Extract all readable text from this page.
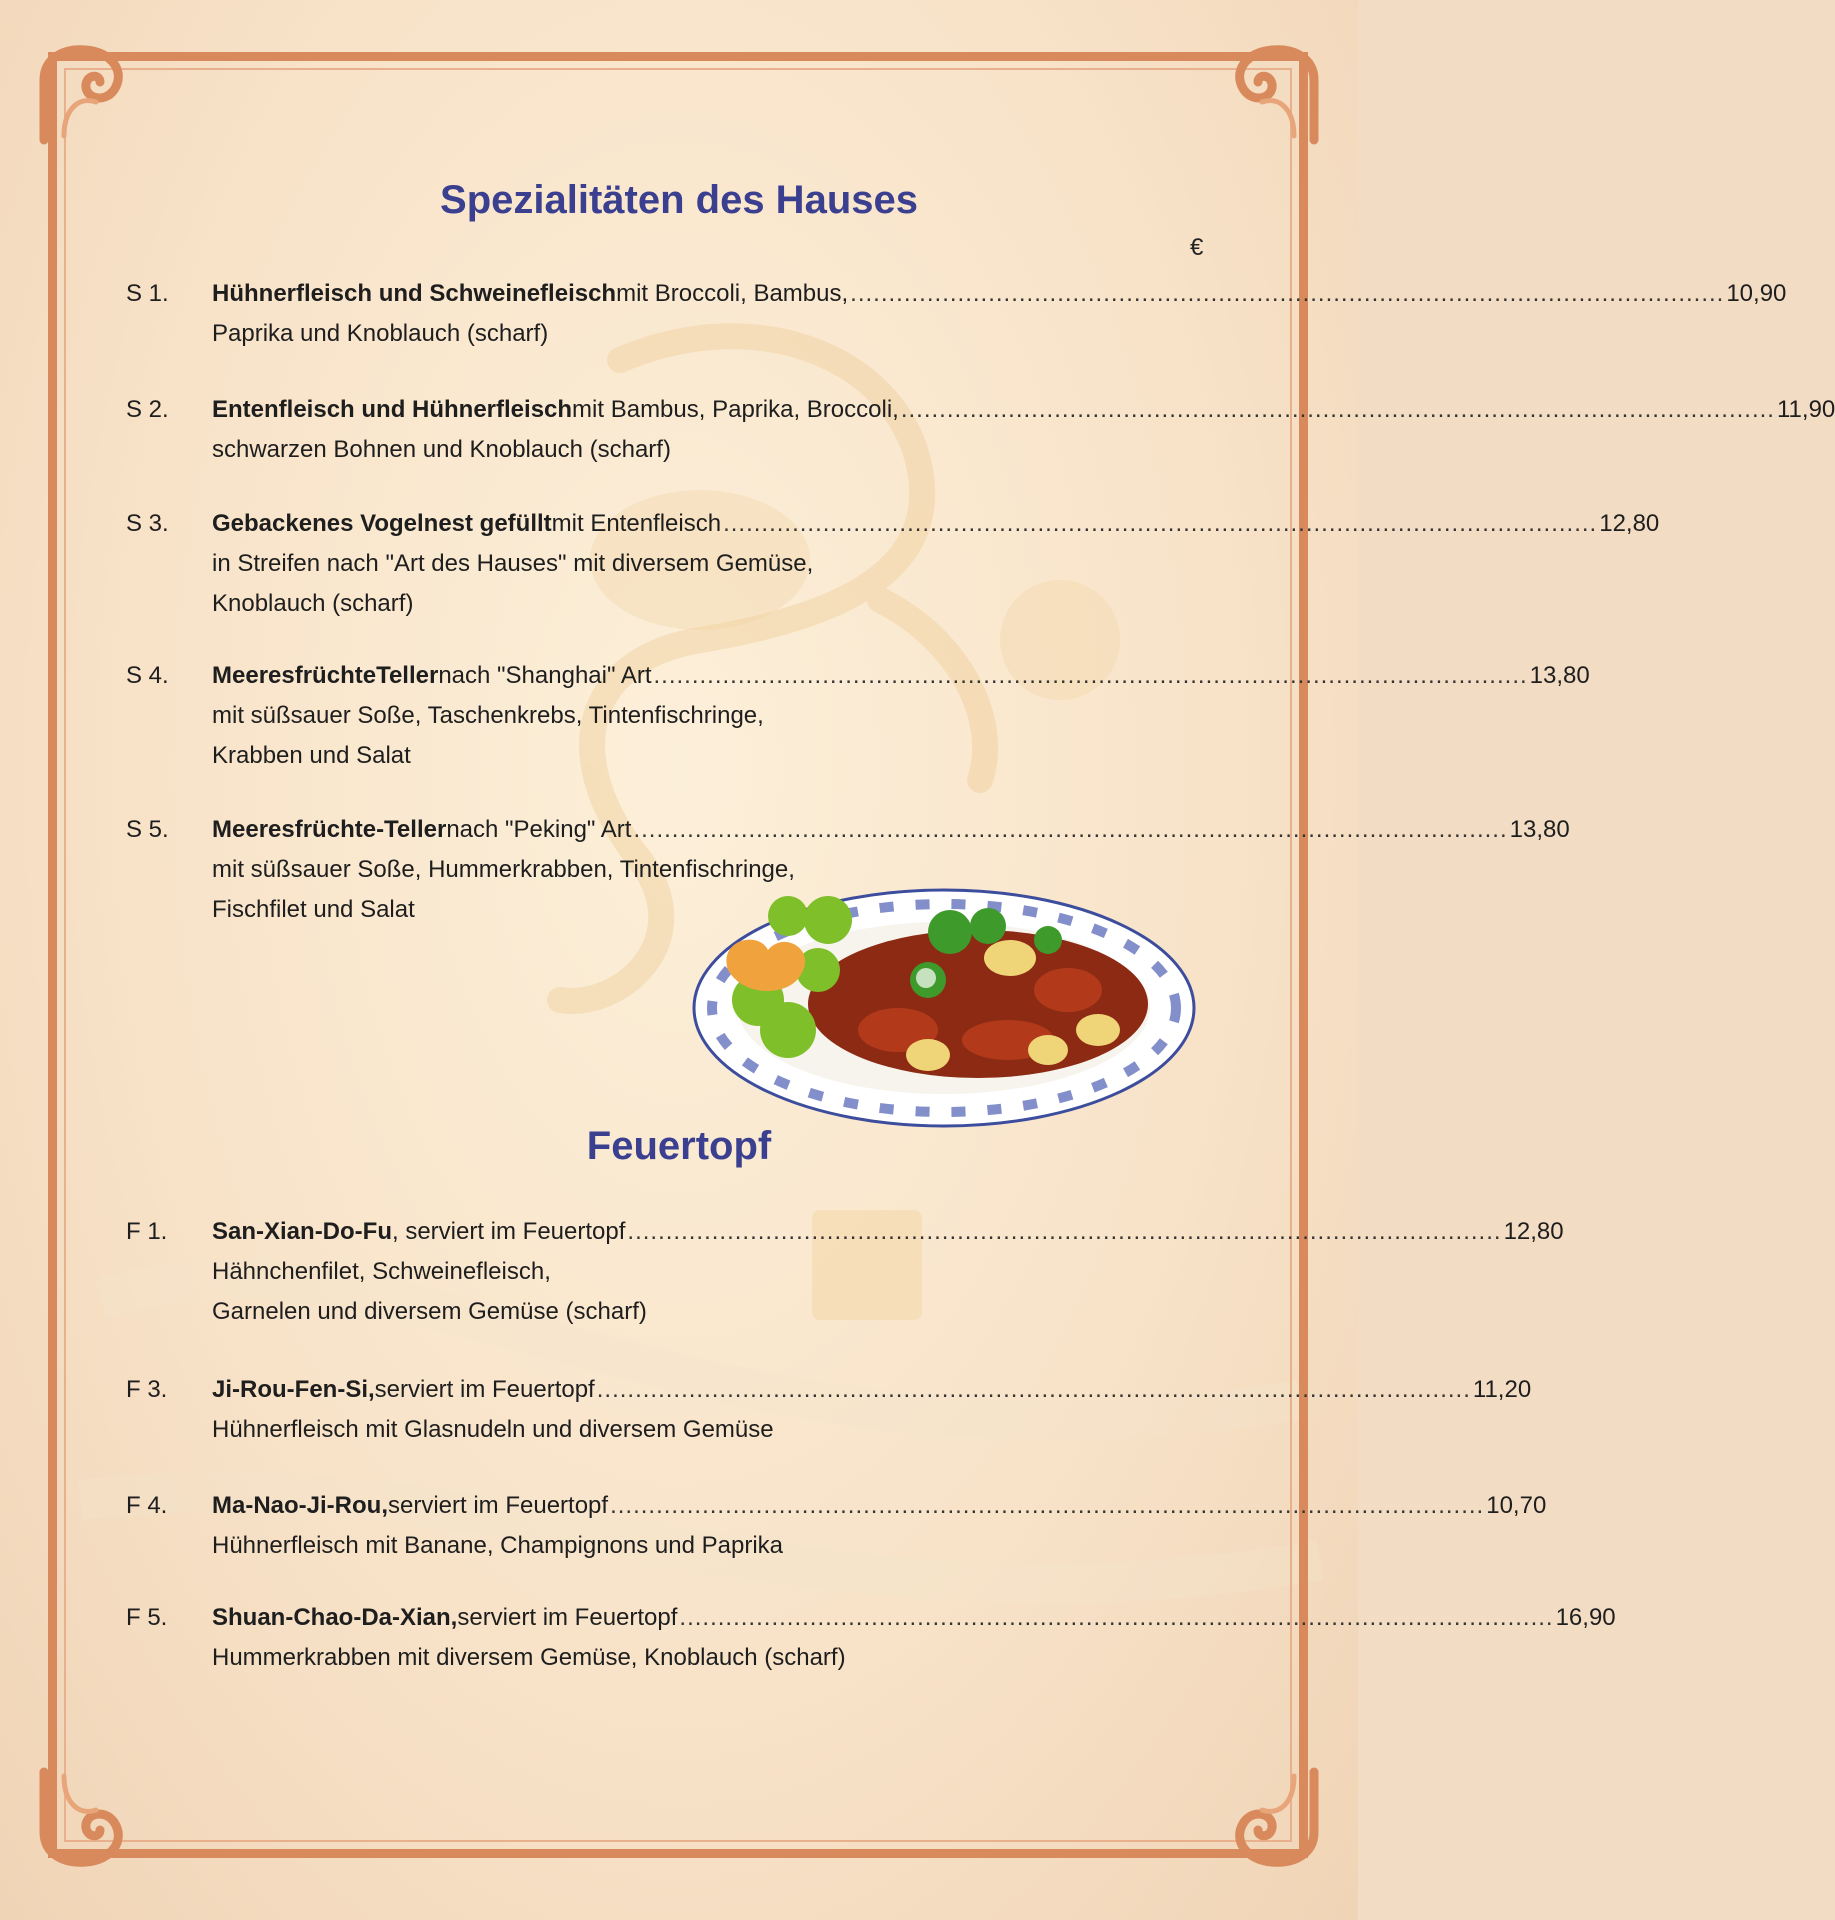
Spezialitäten des Hauses
€
S 1. Hühnerfleisch und Schweinefleisch mit Broccoli, Bambus, .................................................................................................................. 10,90
Paprika und Knoblauch (scharf)
S 2. Entenfleisch und Hühnerfleisch mit Bambus, Paprika, Broccoli, .................................................................................................................. 11,90
schwarzen Bohnen und Knoblauch (scharf)
S 3. Gebackenes Vogelnest gefüllt mit Entenfleisch .................................................................................................................. 12,80
in Streifen nach "Art des Hauses" mit diversem Gemüse,
Knoblauch (scharf)
S 4. MeeresfrüchteTeller nach "Shanghai" Art .................................................................................................................. 13,80
mit süßsauer Soße, Taschenkrebs, Tintenfischringe,
Krabben und Salat
S 5. Meeresfrüchte-Teller nach "Peking" Art .................................................................................................................. 13,80
mit süßsauer Soße, Hummerkrabben, Tintenfischringe,
Fischfilet und Salat
Feuertopf
F 1. San-Xian-Do-Fu , serviert im Feuertopf .................................................................................................................. 12,80
Hähnchenfilet, Schweinefleisch,
Garnelen und diversem Gemüse (scharf)
F 3. Ji-Rou-Fen-Si, serviert im Feuertopf .................................................................................................................. 11,20
Hühnerfleisch mit Glasnudeln und diversem Gemüse
F 4. Ma-Nao-Ji-Rou, serviert im Feuertopf .................................................................................................................. 10,70
Hühnerfleisch mit Banane, Champignons und Paprika
F 5. Shuan-Chao-Da-Xian, serviert im Feuertopf .................................................................................................................. 16,90
Hummerkrabben mit diversem Gemüse, Knoblauch (scharf)
